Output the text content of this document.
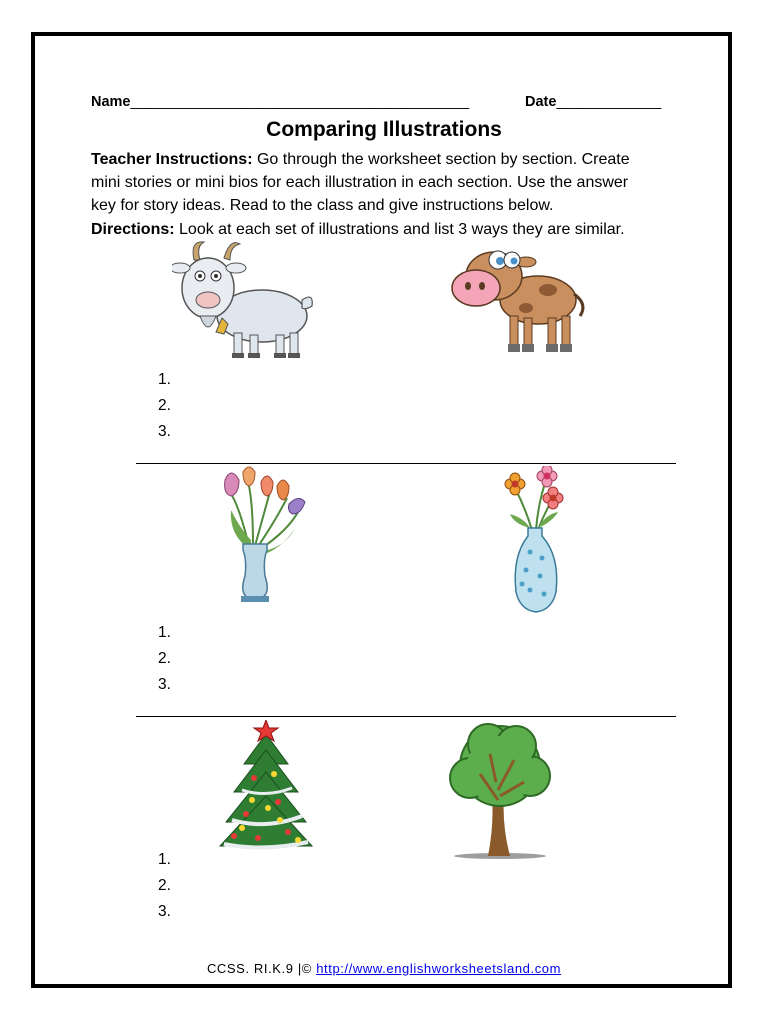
Name__________________________________________	Date_____________
Comparing Illustrations
Teacher Instructions: Go through the worksheet section by section. Create
mini stories or mini bios for each illustration in each section. Use the answer
key for story ideas. Read to the class and give instructions below.
Directions: Look at each set of illustrations and list 3 ways they are similar.
1.
2.
3.
1.
2.
3.
1.
2.
3.
CCSS. RI.K.9 |© http://www.englishworksheetsland.com
